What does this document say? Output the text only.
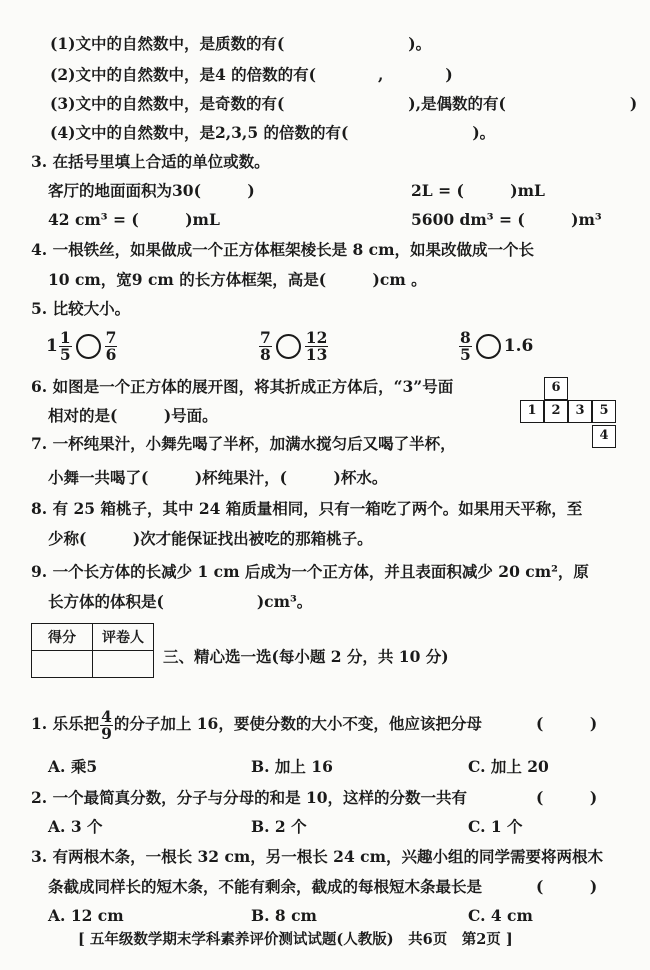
(1)文中的自然数中，是质数的有(　　　　　　　　)。
(2)文中的自然数中，是4 的倍数的有(　　　　,　　　　)
(3)文中的自然数中，是奇数的有(　　　　　　　　),是偶数的有(　　　　　　　　)
(4)文中的自然数中，是2,3,5 的倍数的有(　　　　　　　　)。
3. 在括号里填上合适的单位或数。
客厅的地面面积为30(　　　)	2L = (　　　)mL
42 cm³ = (　　　)mL	5600 dm³ = (　　　)m³
4. 一根铁丝，如果做成一个正方体框架棱长是 8 cm，如果改做成一个长
10 cm，宽9 cm 的长方体框架，高是(　　　)cm 。
5. 比较大小。
$1 \frac{1}{5} \frac{7}{6}$	$\frac{7}{8} \frac{12}{13}$	$\frac{8}{5} 1.6$
6. 如图是一个正方体的展开图，将其折成正方体后，“3”号面
相对的是(　　　)号面。
6
1	2	3	5
4
7. 一杯纯果汁，小舞先喝了半杯，加满水搅匀后又喝了半杯，
小舞一共喝了(　　　)杯纯果汁，(　　　)杯水。
8. 有 25 箱桃子，其中 24 箱质量相同，只有一箱吃了两个。如果用天平称，至
少称(　　　)次才能保证找出被吃的那箱桃子。
9. 一个长方体的长减少 1 cm 后成为一个正方体，并且表面积减少 20 cm²，原
长方体的体积是(　　　　　　)cm³。
得分	评卷人

三、精心选一选(每小题 2 分，共 10 分)
1. 乐乐把 $\frac{4}{9}$ 的分子加上 16，要使分数的大小不变，他应该把分母	(　　　)
A. 乘5	B. 加上 16	C. 加上 20
2. 一个最简真分数，分子与分母的和是 10，这样的分数一共有	(　　　)
A. 3 个	B. 2 个	C. 1 个
3. 有两根木条，一根长 32 cm，另一根长 24 cm，兴趣小组的同学需要将两根木
条截成同样长的短木条，不能有剩余，截成的每根短木条最长是	(　　　)
A. 12 cm	B. 8 cm	C. 4 cm
[ 五年级数学期末学科素养评价测试试题(人教版)　共6页　第2页 ]
